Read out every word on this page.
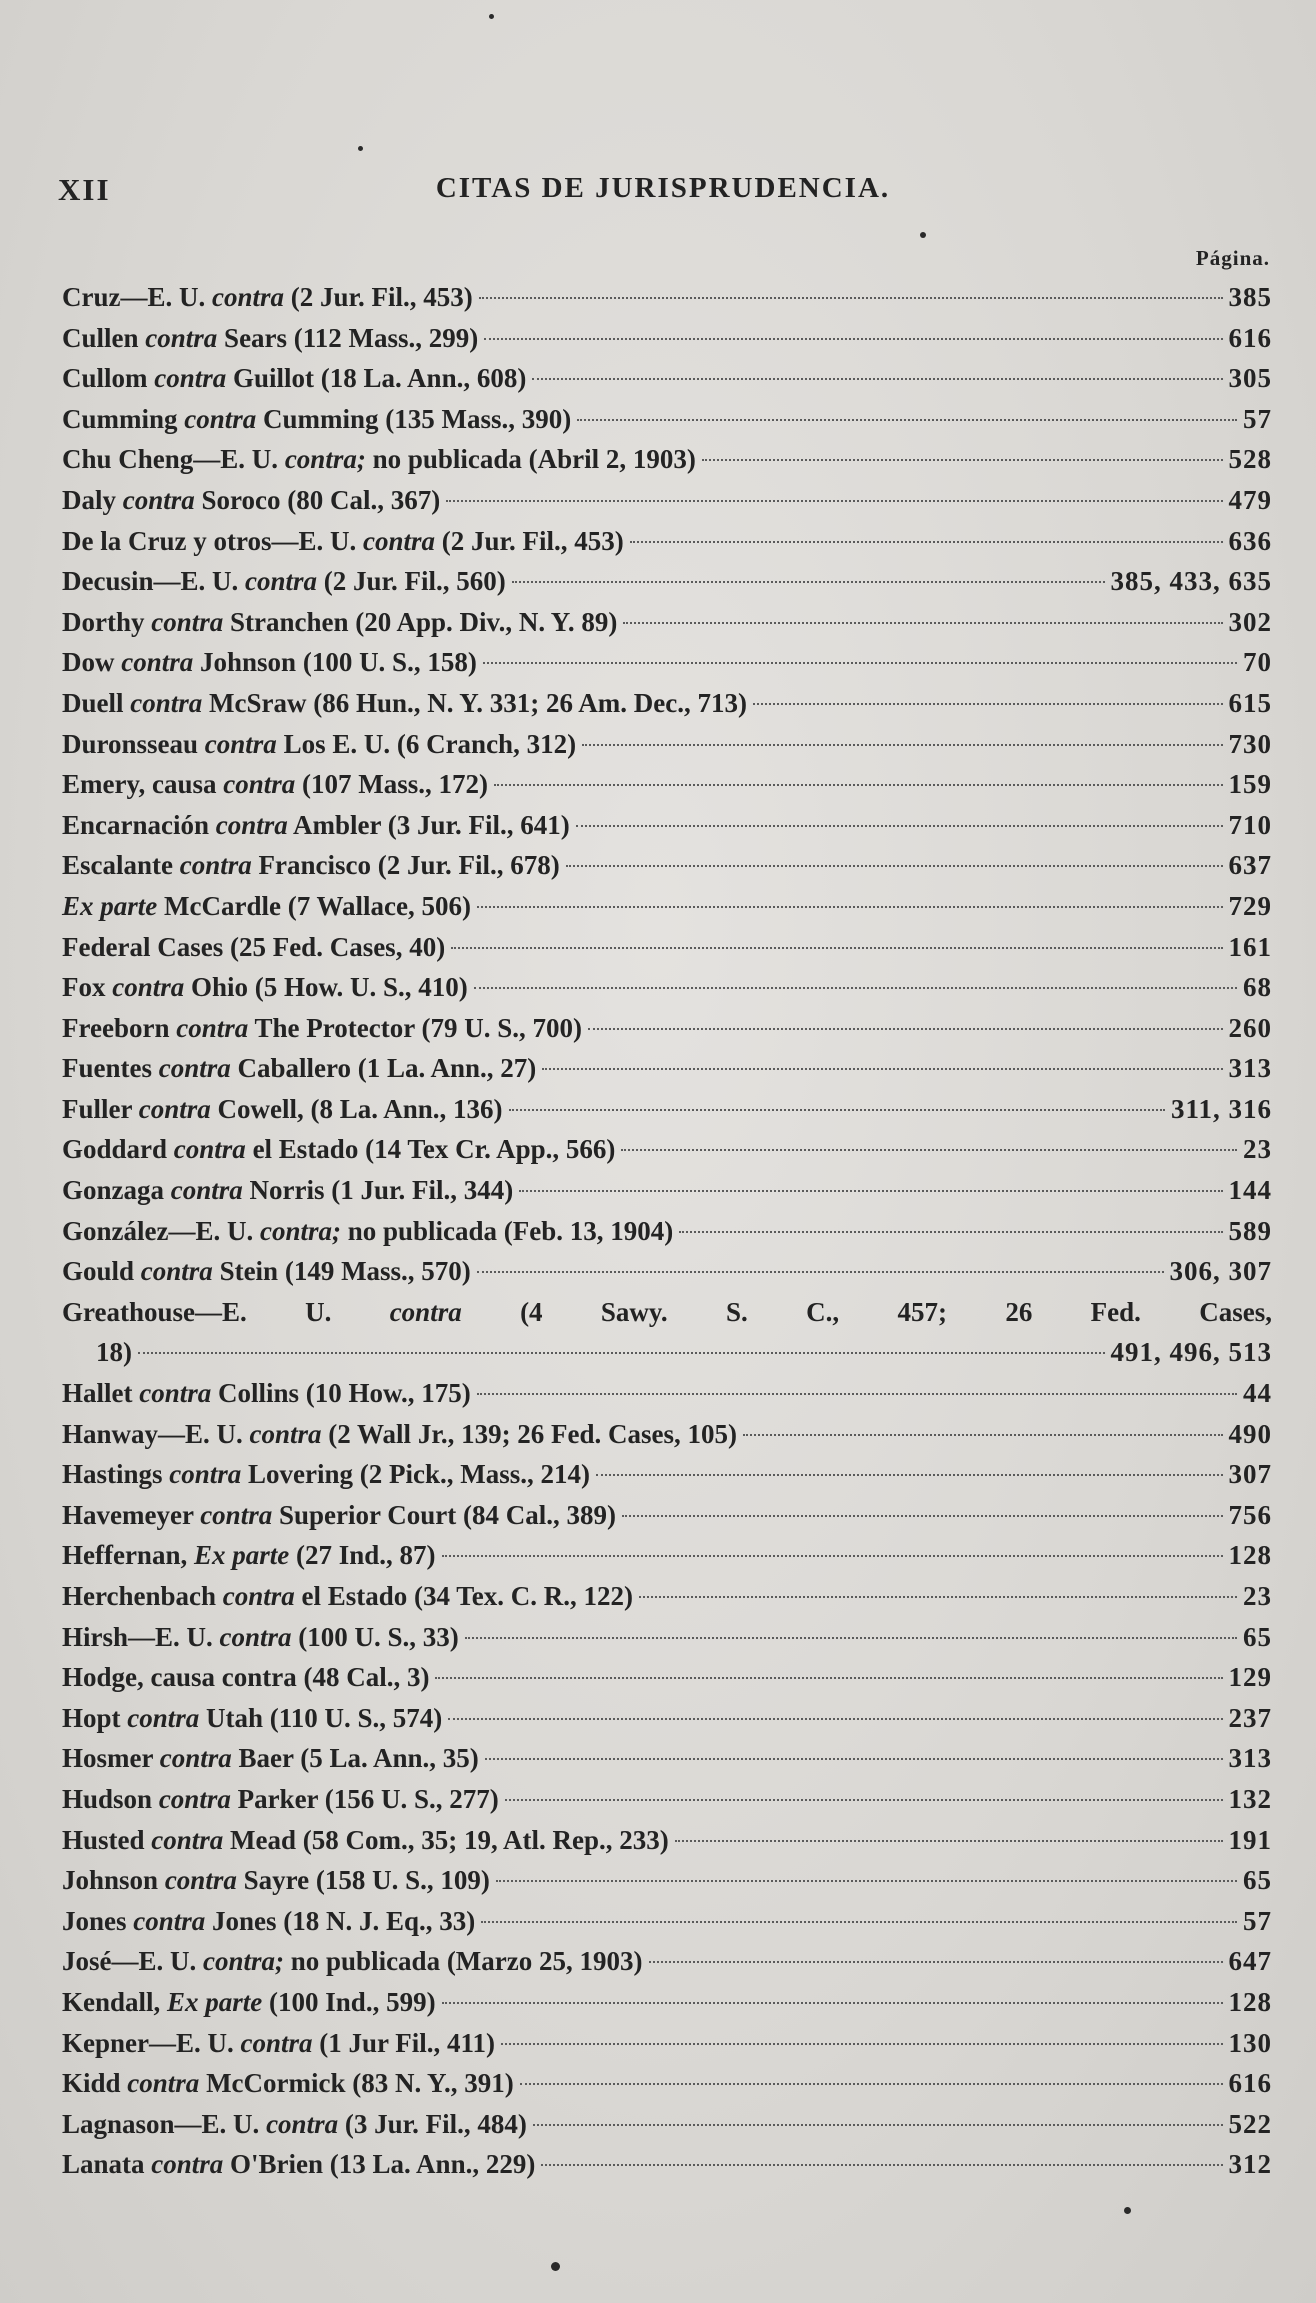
XII	CITAS DE JURISPRUDENCIA.
Página.
Cruz—E. U. contra (2 Jur. Fil., 453)	385
Cullen contra Sears (112 Mass., 299)	616
Cullom contra Guillot (18 La. Ann., 608)	305
Cumming contra Cumming (135 Mass., 390)	57
Chu Cheng—E. U. contra; no publicada (Abril 2, 1903)	528
Daly contra Soroco (80 Cal., 367)	479
De la Cruz y otros—E. U. contra (2 Jur. Fil., 453)	636
Decusin—E. U. contra (2 Jur. Fil., 560)	385, 433, 635
Dorthy contra Stranchen (20 App. Div., N. Y. 89)	302
Dow contra Johnson (100 U. S., 158)	70
Duell contra McSraw (86 Hun., N. Y. 331; 26 Am. Dec., 713)	615
Duronsseau contra Los E. U. (6 Cranch, 312)	730
Emery, causa contra (107 Mass., 172)	159
Encarnación contra Ambler (3 Jur. Fil., 641)	710
Escalante contra Francisco (2 Jur. Fil., 678)	637
Ex parte McCardle (7 Wallace, 506)	729
Federal Cases (25 Fed. Cases, 40)	161
Fox contra Ohio (5 How. U. S., 410)	68
Freeborn contra The Protector (79 U. S., 700)	260
Fuentes contra Caballero (1 La. Ann., 27)	313
Fuller contra Cowell, (8 La. Ann., 136)	311, 316
Goddard contra el Estado (14 Tex Cr. App., 566)	23
Gonzaga contra Norris (1 Jur. Fil., 344)	144
González—E. U. contra; no publicada (Feb. 13, 1904)	589
Gould contra Stein (149 Mass., 570)	306, 307
Greathouse—E. U. contra (4 Sawy. S. C., 457; 26 Fed. Cases,
18)	491, 496, 513
Hallet contra Collins (10 How., 175)	44
Hanway—E. U. contra (2 Wall Jr., 139; 26 Fed. Cases, 105)	490
Hastings contra Lovering (2 Pick., Mass., 214)	307
Havemeyer contra Superior Court (84 Cal., 389)	756
Heffernan, Ex parte (27 Ind., 87)	128
Herchenbach contra el Estado (34 Tex. C. R., 122)	23
Hirsh—E. U. contra (100 U. S., 33)	65
Hodge, causa contra (48 Cal., 3)	129
Hopt contra Utah (110 U. S., 574)	237
Hosmer contra Baer (5 La. Ann., 35)	313
Hudson contra Parker (156 U. S., 277)	132
Husted contra Mead (58 Com., 35; 19, Atl. Rep., 233)	191
Johnson contra Sayre (158 U. S., 109)	65
Jones contra Jones (18 N. J. Eq., 33)	57
José—E. U. contra; no publicada (Marzo 25, 1903)	647
Kendall, Ex parte (100 Ind., 599)	128
Kepner—E. U. contra (1 Jur Fil., 411)	130
Kidd contra McCormick (83 N. Y., 391)	616
Lagnason—E. U. contra (3 Jur. Fil., 484)	522
Lanata contra O'Brien (13 La. Ann., 229)	312
